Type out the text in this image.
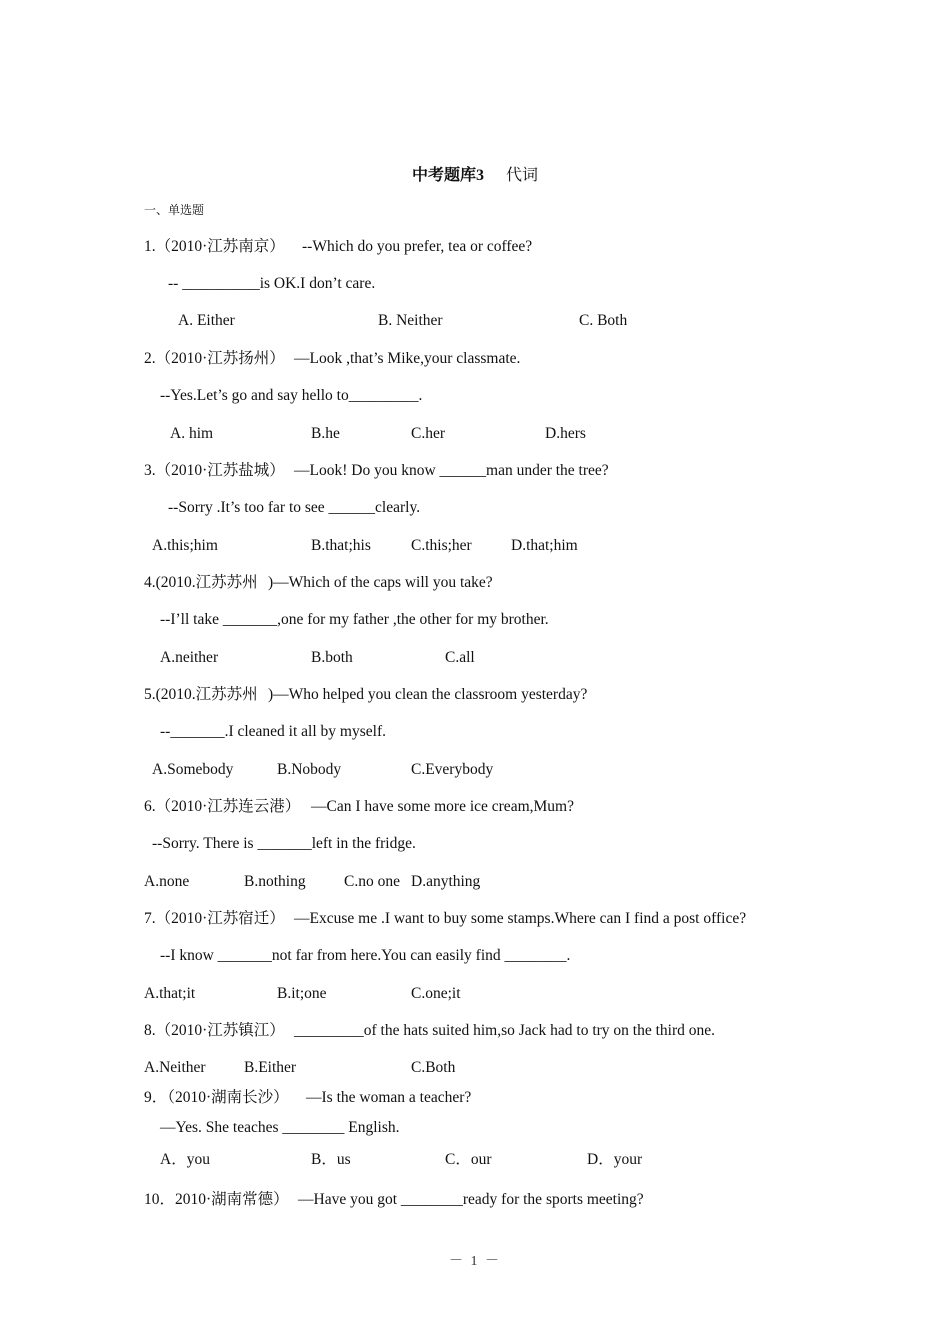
中考题库3 代词
一、单选题
1.（2010·江苏南京） --Which do you prefer, tea or coffee?
-- __________is OK.I don’t care.
A. Either	B. Neither	C. Both
2.（2010·江苏扬州） —Look ,that’s Mike,your classmate.
--Yes.Let’s go and say hello to_________.
A. him	B.he	C.her	D.hers
3.（2010·江苏盐城） —Look! Do you know ______man under the tree?
--Sorry .It’s too far to see ______clearly.
A.this;him	B.that;his	C.this;her	D.that;him
4.(2010.江苏苏州 )—Which of the caps will you take?
--I’ll take _______,one for my father ,the other for my brother.
A.neither	B.both	C.all
5.(2010.江苏苏州 )—Who helped you clean the classroom yesterday?
--_______.I cleaned it all by myself.
A.Somebody	B.Nobody	C.Everybody
6.（2010·江苏连云港） —Can I have some more ice cream,Mum?
--Sorry. There is _______left in the fridge.
A.none	B.nothing C.no one D.anything
7.（2010·江苏宿迁） —Excuse me .I want to buy some stamps.Where can I find a post office?
--I know _______not far from here.You can easily find ________.
A.that;it	B.it;one	C.one;it
8.（2010·江苏镇江） _________of the hats suited him,so Jack had to try on the third one.
A.Neither B.Either	C.Both
9．（2010·湖南长沙） —Is the woman a teacher?
—Yes. She teaches ________ English.
A．you	B．us	C．our	D．your
10．2010·湖南常德） —Have you got ________ready for the sports meeting?
－ 1 －
